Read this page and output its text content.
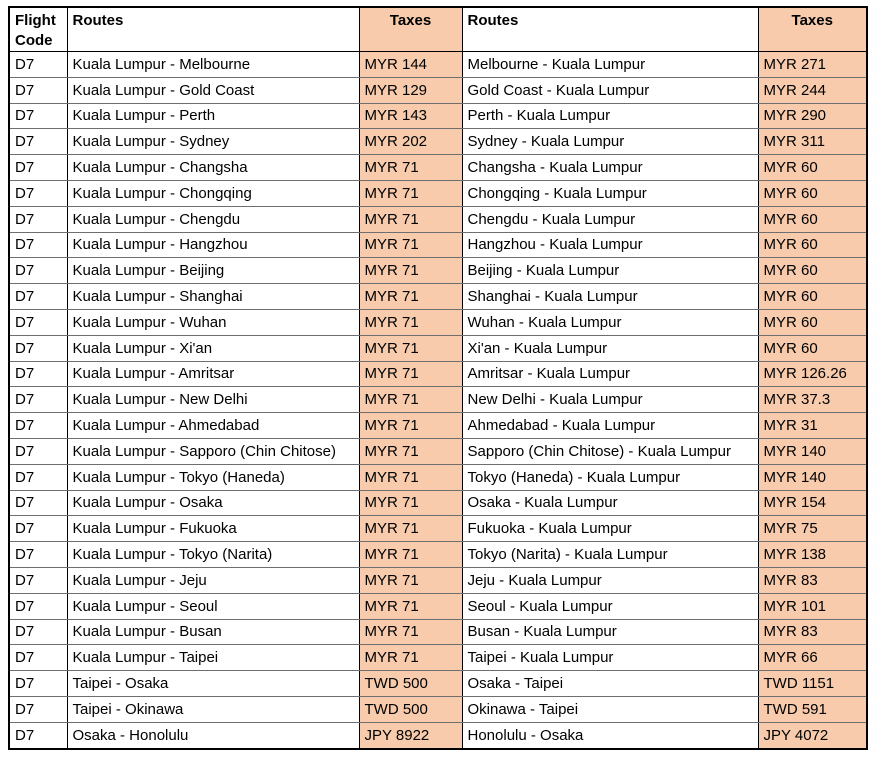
Flight Code	Routes	Taxes	Routes	Taxes
D7	Kuala Lumpur - Melbourne	MYR 144	Melbourne - Kuala Lumpur	MYR 271
D7	Kuala Lumpur - Gold Coast	MYR 129	Gold Coast - Kuala Lumpur	MYR 244
D7	Kuala Lumpur - Perth	MYR 143	Perth - Kuala Lumpur	MYR 290
D7	Kuala Lumpur - Sydney	MYR 202	Sydney - Kuala Lumpur	MYR 311
D7	Kuala Lumpur - Changsha	MYR 71	Changsha - Kuala Lumpur	MYR 60
D7	Kuala Lumpur - Chongqing	MYR 71	Chongqing - Kuala Lumpur	MYR 60
D7	Kuala Lumpur - Chengdu	MYR 71	Chengdu - Kuala Lumpur	MYR 60
D7	Kuala Lumpur - Hangzhou	MYR 71	Hangzhou - Kuala Lumpur	MYR 60
D7	Kuala Lumpur - Beijing	MYR 71	Beijing - Kuala Lumpur	MYR 60
D7	Kuala Lumpur - Shanghai	MYR 71	Shanghai - Kuala Lumpur	MYR 60
D7	Kuala Lumpur - Wuhan	MYR 71	Wuhan - Kuala Lumpur	MYR 60
D7	Kuala Lumpur - Xi'an	MYR 71	Xi'an - Kuala Lumpur	MYR 60
D7	Kuala Lumpur - Amritsar	MYR 71	Amritsar - Kuala Lumpur	MYR 126.26
D7	Kuala Lumpur - New Delhi	MYR 71	New Delhi - Kuala Lumpur	MYR 37.3
D7	Kuala Lumpur - Ahmedabad	MYR 71	Ahmedabad - Kuala Lumpur	MYR 31
D7	Kuala Lumpur - Sapporo (Chin Chitose)	MYR 71	Sapporo (Chin Chitose) - Kuala Lumpur	MYR 140
D7	Kuala Lumpur - Tokyo (Haneda)	MYR 71	Tokyo (Haneda) - Kuala Lumpur	MYR 140
D7	Kuala Lumpur - Osaka	MYR 71	Osaka - Kuala Lumpur	MYR 154
D7	Kuala Lumpur - Fukuoka	MYR 71	Fukuoka - Kuala Lumpur	MYR 75
D7	Kuala Lumpur - Tokyo (Narita)	MYR 71	Tokyo (Narita) - Kuala Lumpur	MYR 138
D7	Kuala Lumpur - Jeju	MYR 71	Jeju - Kuala Lumpur	MYR 83
D7	Kuala Lumpur - Seoul	MYR 71	Seoul - Kuala Lumpur	MYR 101
D7	Kuala Lumpur - Busan	MYR 71	Busan - Kuala Lumpur	MYR 83
D7	Kuala Lumpur - Taipei	MYR 71	Taipei - Kuala Lumpur	MYR 66
D7	Taipei - Osaka	TWD 500	Osaka - Taipei	TWD 1151
D7	Taipei - Okinawa	TWD 500	Okinawa - Taipei	TWD 591
D7	Osaka - Honolulu	JPY 8922	Honolulu - Osaka	JPY 4072
